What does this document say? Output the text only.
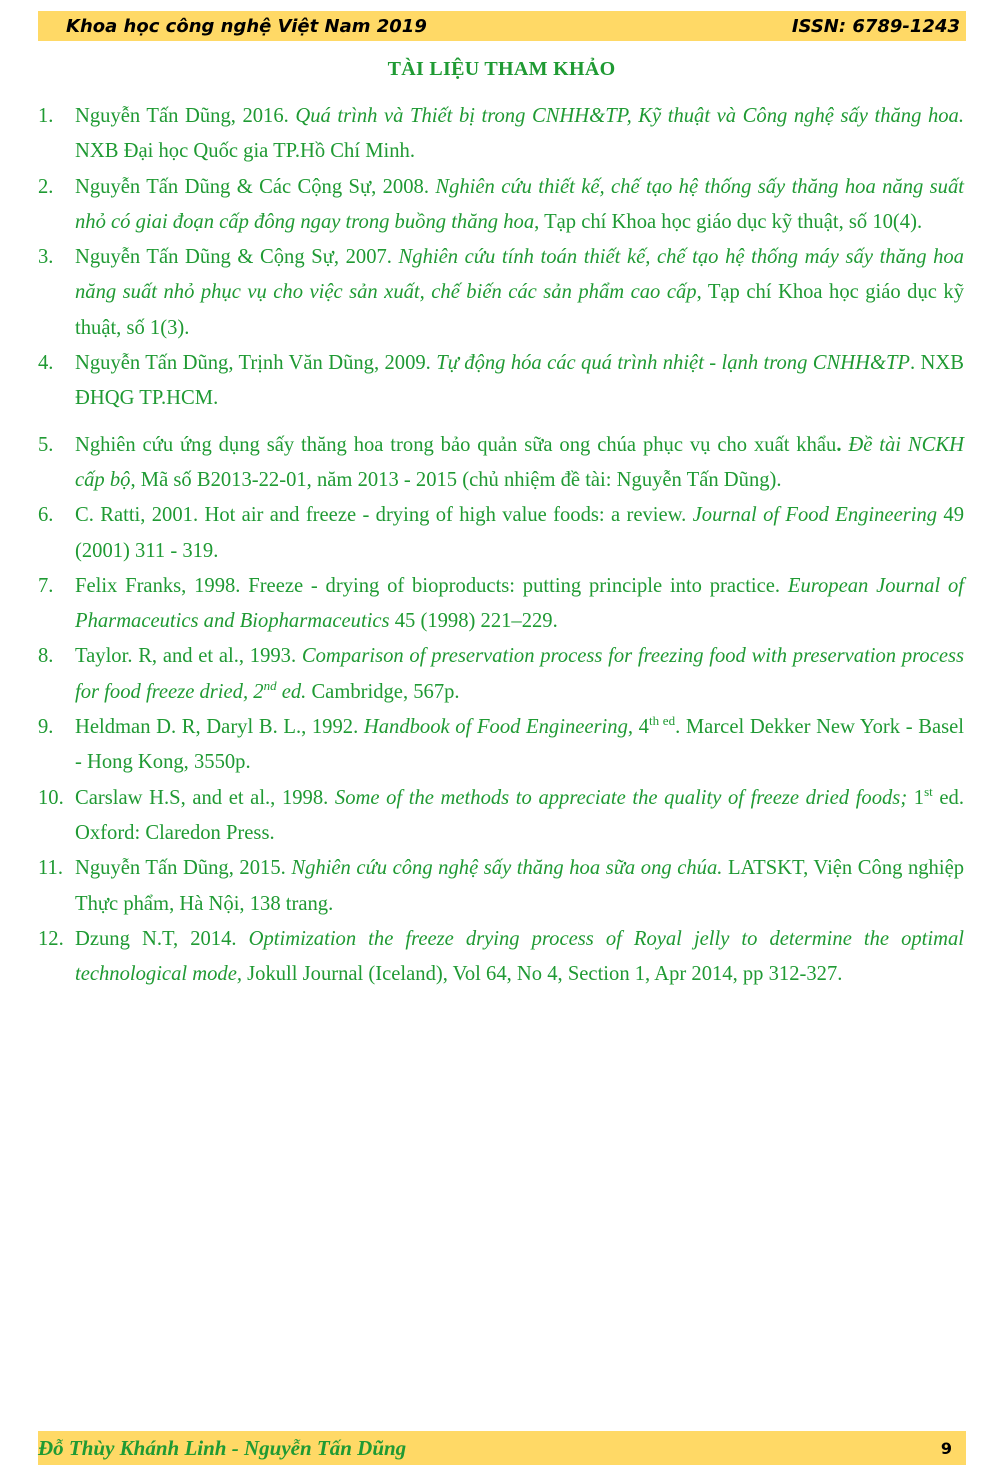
Khoa học công nghệ Việt Nam 2019	ISSN: 6789-1243
TÀI LIỆU THAM KHẢO
1. Nguyễn Tấn Dũng, 2016. Quá trình và Thiết bị trong CNHH&TP, Kỹ thuật và Công nghệ sấy thăng hoa. NXB Đại học Quốc gia TP.Hồ Chí Minh.
2. Nguyễn Tấn Dũng & Các Cộng Sự, 2008. Nghiên cứu thiết kế, chế tạo hệ thống sấy thăng hoa năng suất nhỏ có giai đoạn cấp đông ngay trong buồng thăng hoa, Tạp chí Khoa học giáo dục kỹ thuật, số 10(4).
3. Nguyễn Tấn Dũng & Cộng Sự, 2007. Nghiên cứu tính toán thiết kế, chế tạo hệ thống máy sấy thăng hoa năng suất nhỏ phục vụ cho việc sản xuất, chế biến các sản phẩm cao cấp, Tạp chí Khoa học giáo dục kỹ thuật, số 1(3).
4. Nguyễn Tấn Dũng, Trịnh Văn Dũng, 2009. Tự động hóa các quá trình nhiệt - lạnh trong CNHH&TP. NXB ĐHQG TP.HCM.
5. Nghiên cứu ứng dụng sấy thăng hoa trong bảo quản sữa ong chúa phục vụ cho xuất khẩu. Đề tài NCKH cấp bộ, Mã số B2013-22-01, năm 2013 - 2015 (chủ nhiệm đề tài: Nguyễn Tấn Dũng).
6. C. Ratti, 2001. Hot air and freeze - drying of high value foods: a review. Journal of Food Engineering 49 (2001) 311 - 319.
7. Felix Franks, 1998. Freeze - drying of bioproducts: putting principle into practice. European Journal of Pharmaceutics and Biopharmaceutics 45 (1998) 221–229.
8. Taylor. R, and et al., 1993. Comparison of preservation process for freezing food with preservation process for food freeze dried, 2nd ed. Cambridge, 567p.
9. Heldman D. R, Daryl B. L., 1992. Handbook of Food Engineering, $4^{th ed}$. Marcel Dekker New York - Basel - Hong Kong, 3550p.
10. Carslaw H.S, and et al., 1998. Some of the methods to appreciate the quality of freeze dried foods; 1st ed. Oxford: Claredon Press.
11. Nguyễn Tấn Dũng, 2015. Nghiên cứu công nghệ sấy thăng hoa sữa ong chúa. LATSKT, Viện Công nghiệp Thực phẩm, Hà Nội, 138 trang.
12. Dzung N.T, 2014. Optimization the freeze drying process of Royal jelly to determine the optimal technological mode, Jokull Journal (Iceland), Vol 64, No 4, Section 1, Apr 2014, pp 312-327.
Đỗ Thùy Khánh Linh - Nguyễn Tấn Dũng	9
